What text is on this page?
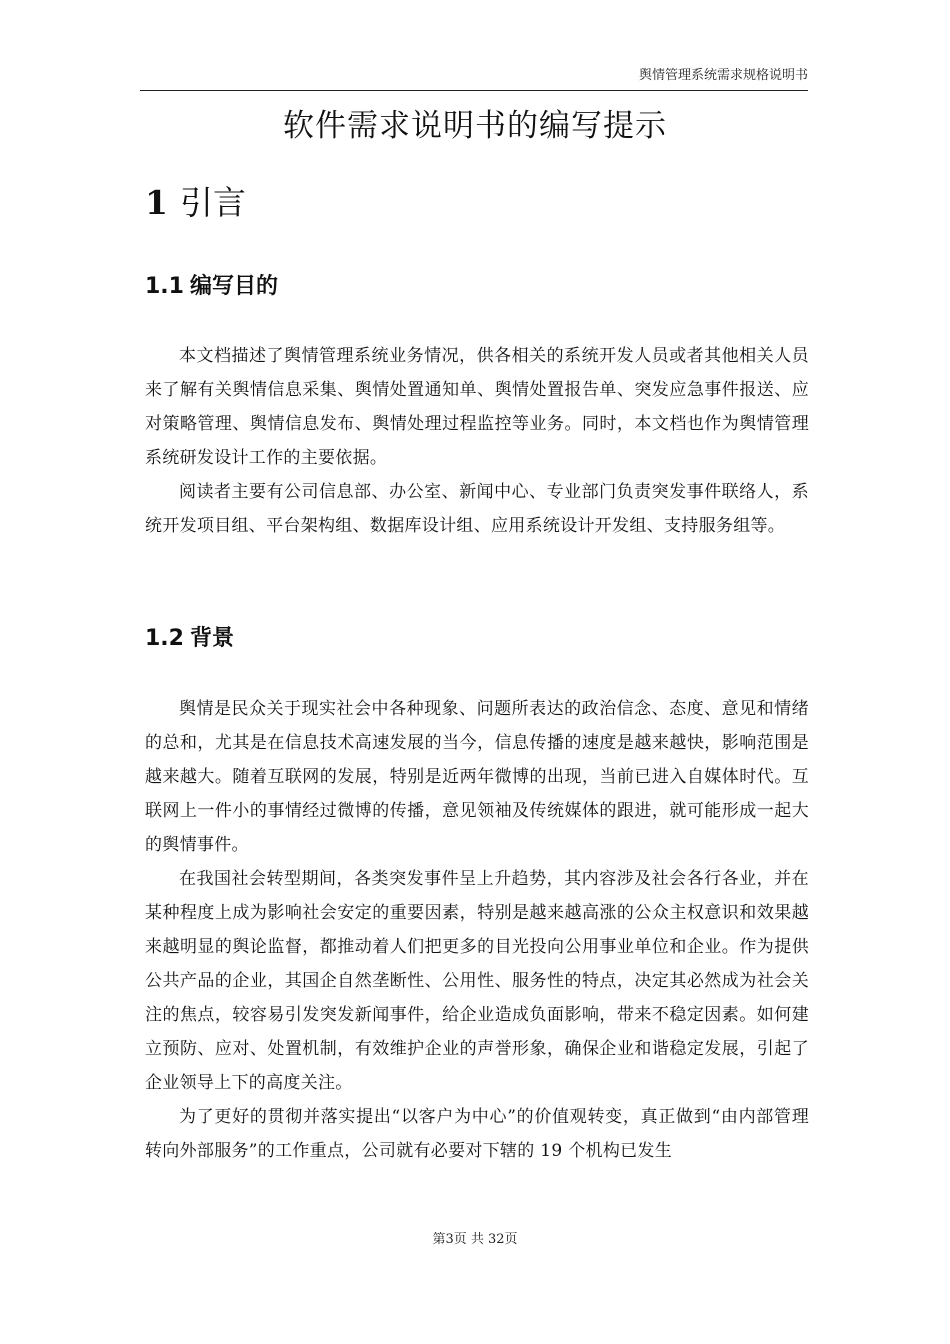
舆情管理系统需求规格说明书
软件需求说明书的编写提示
1 引言
1.1 编写目的

本文档描述了舆情管理系统业务情况，供各相关的系统开发人员或者其他相关人员来了解有关舆情信息采集、舆情处置通知单、舆情处置报告单、突发应急事件报送、应对策略管理、舆情信息发布、舆情处理过程监控等业务。同时，本文档也作为舆情管理系统研发设计工作的主要依据。

阅读者主要有公司信息部、办公室、新闻中心、专业部门负责突发事件联络人，系统开发项目组、平台架构组、数据库设计组、应用系统设计开发组、支持服务组等。

1.2 背景

舆情是民众关于现实社会中各种现象、问题所表达的政治信念、态度、意见和情绪的总和，尤其是在信息技术高速发展的当今，信息传播的速度是越来越快，影响范围是越来越大。随着互联网的发展，特别是近两年微博的出现，当前已进入自媒体时代。互联网上一件小的事情经过微博的传播，意见领袖及传统媒体的跟进，就可能形成一起大的舆情事件。

在我国社会转型期间，各类突发事件呈上升趋势，其内容涉及社会各行各业，并在某种程度上成为影响社会安定的重要因素，特别是越来越高涨的公众主权意识和效果越来越明显的舆论监督，都推动着人们把更多的目光投向公用事业单位和企业。作为提供公共产品的企业，其国企自然垄断性、公用性、服务性的特点，决定其必然成为社会关注的焦点，较容易引发突发新闻事件，给企业造成负面影响，带来不稳定因素。如何建立预防、应对、处置机制，有效维护企业的声誉形象，确保企业和谐稳定发展，引起了企业领导上下的高度关注。

为了更好的贯彻并落实提出“以客户为中心”的价值观转变，真正做到“由内部管理转向外部服务”的工作重点，公司就有必要对下辖的 19 个机构已发生

第3页 共 32页
